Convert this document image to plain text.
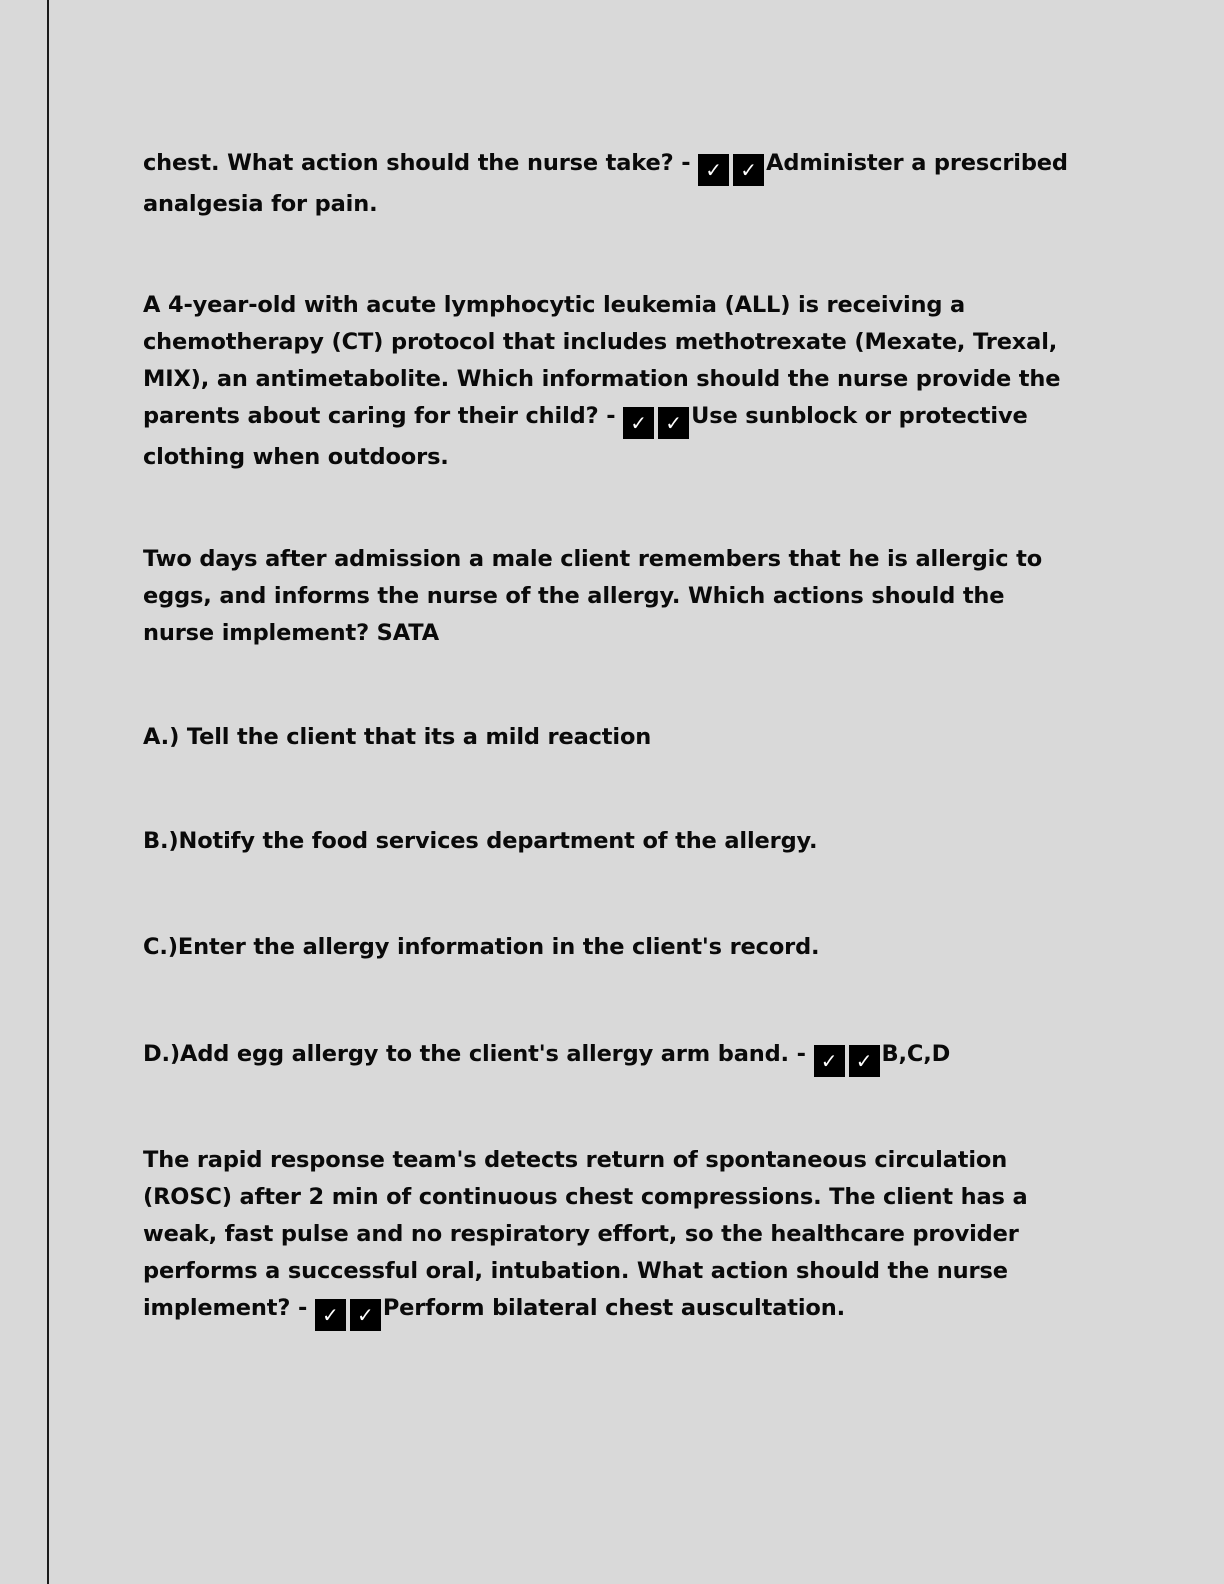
chest. What action should the nurse take? - ✓ ✓ Administer a prescribed analgesia for pain.
A 4-year-old with acute lymphocytic leukemia (ALL) is receiving a chemotherapy (CT) protocol that includes methotrexate (Mexate, Trexal, MIX), an antimetabolite. Which information should the nurse provide the parents about caring for their child? - ✓ ✓ Use sunblock or protective clothing when outdoors.
Two days after admission a male client remembers that he is allergic to eggs, and informs the nurse of the allergy. Which actions should the nurse implement? SATA
A.) Tell the client that its a mild reaction
B.)Notify the food services department of the allergy.
C.)Enter the allergy information in the client's record.
D.)Add egg allergy to the client's allergy arm band. - ✓ ✓ B,C,D
The rapid response team's detects return of spontaneous circulation (ROSC) after 2 min of continuous chest compressions. The client has a weak, fast pulse and no respiratory effort, so the healthcare provider performs a successful oral, intubation. What action should the nurse implement? - ✓ ✓ Perform bilateral chest auscultation.
